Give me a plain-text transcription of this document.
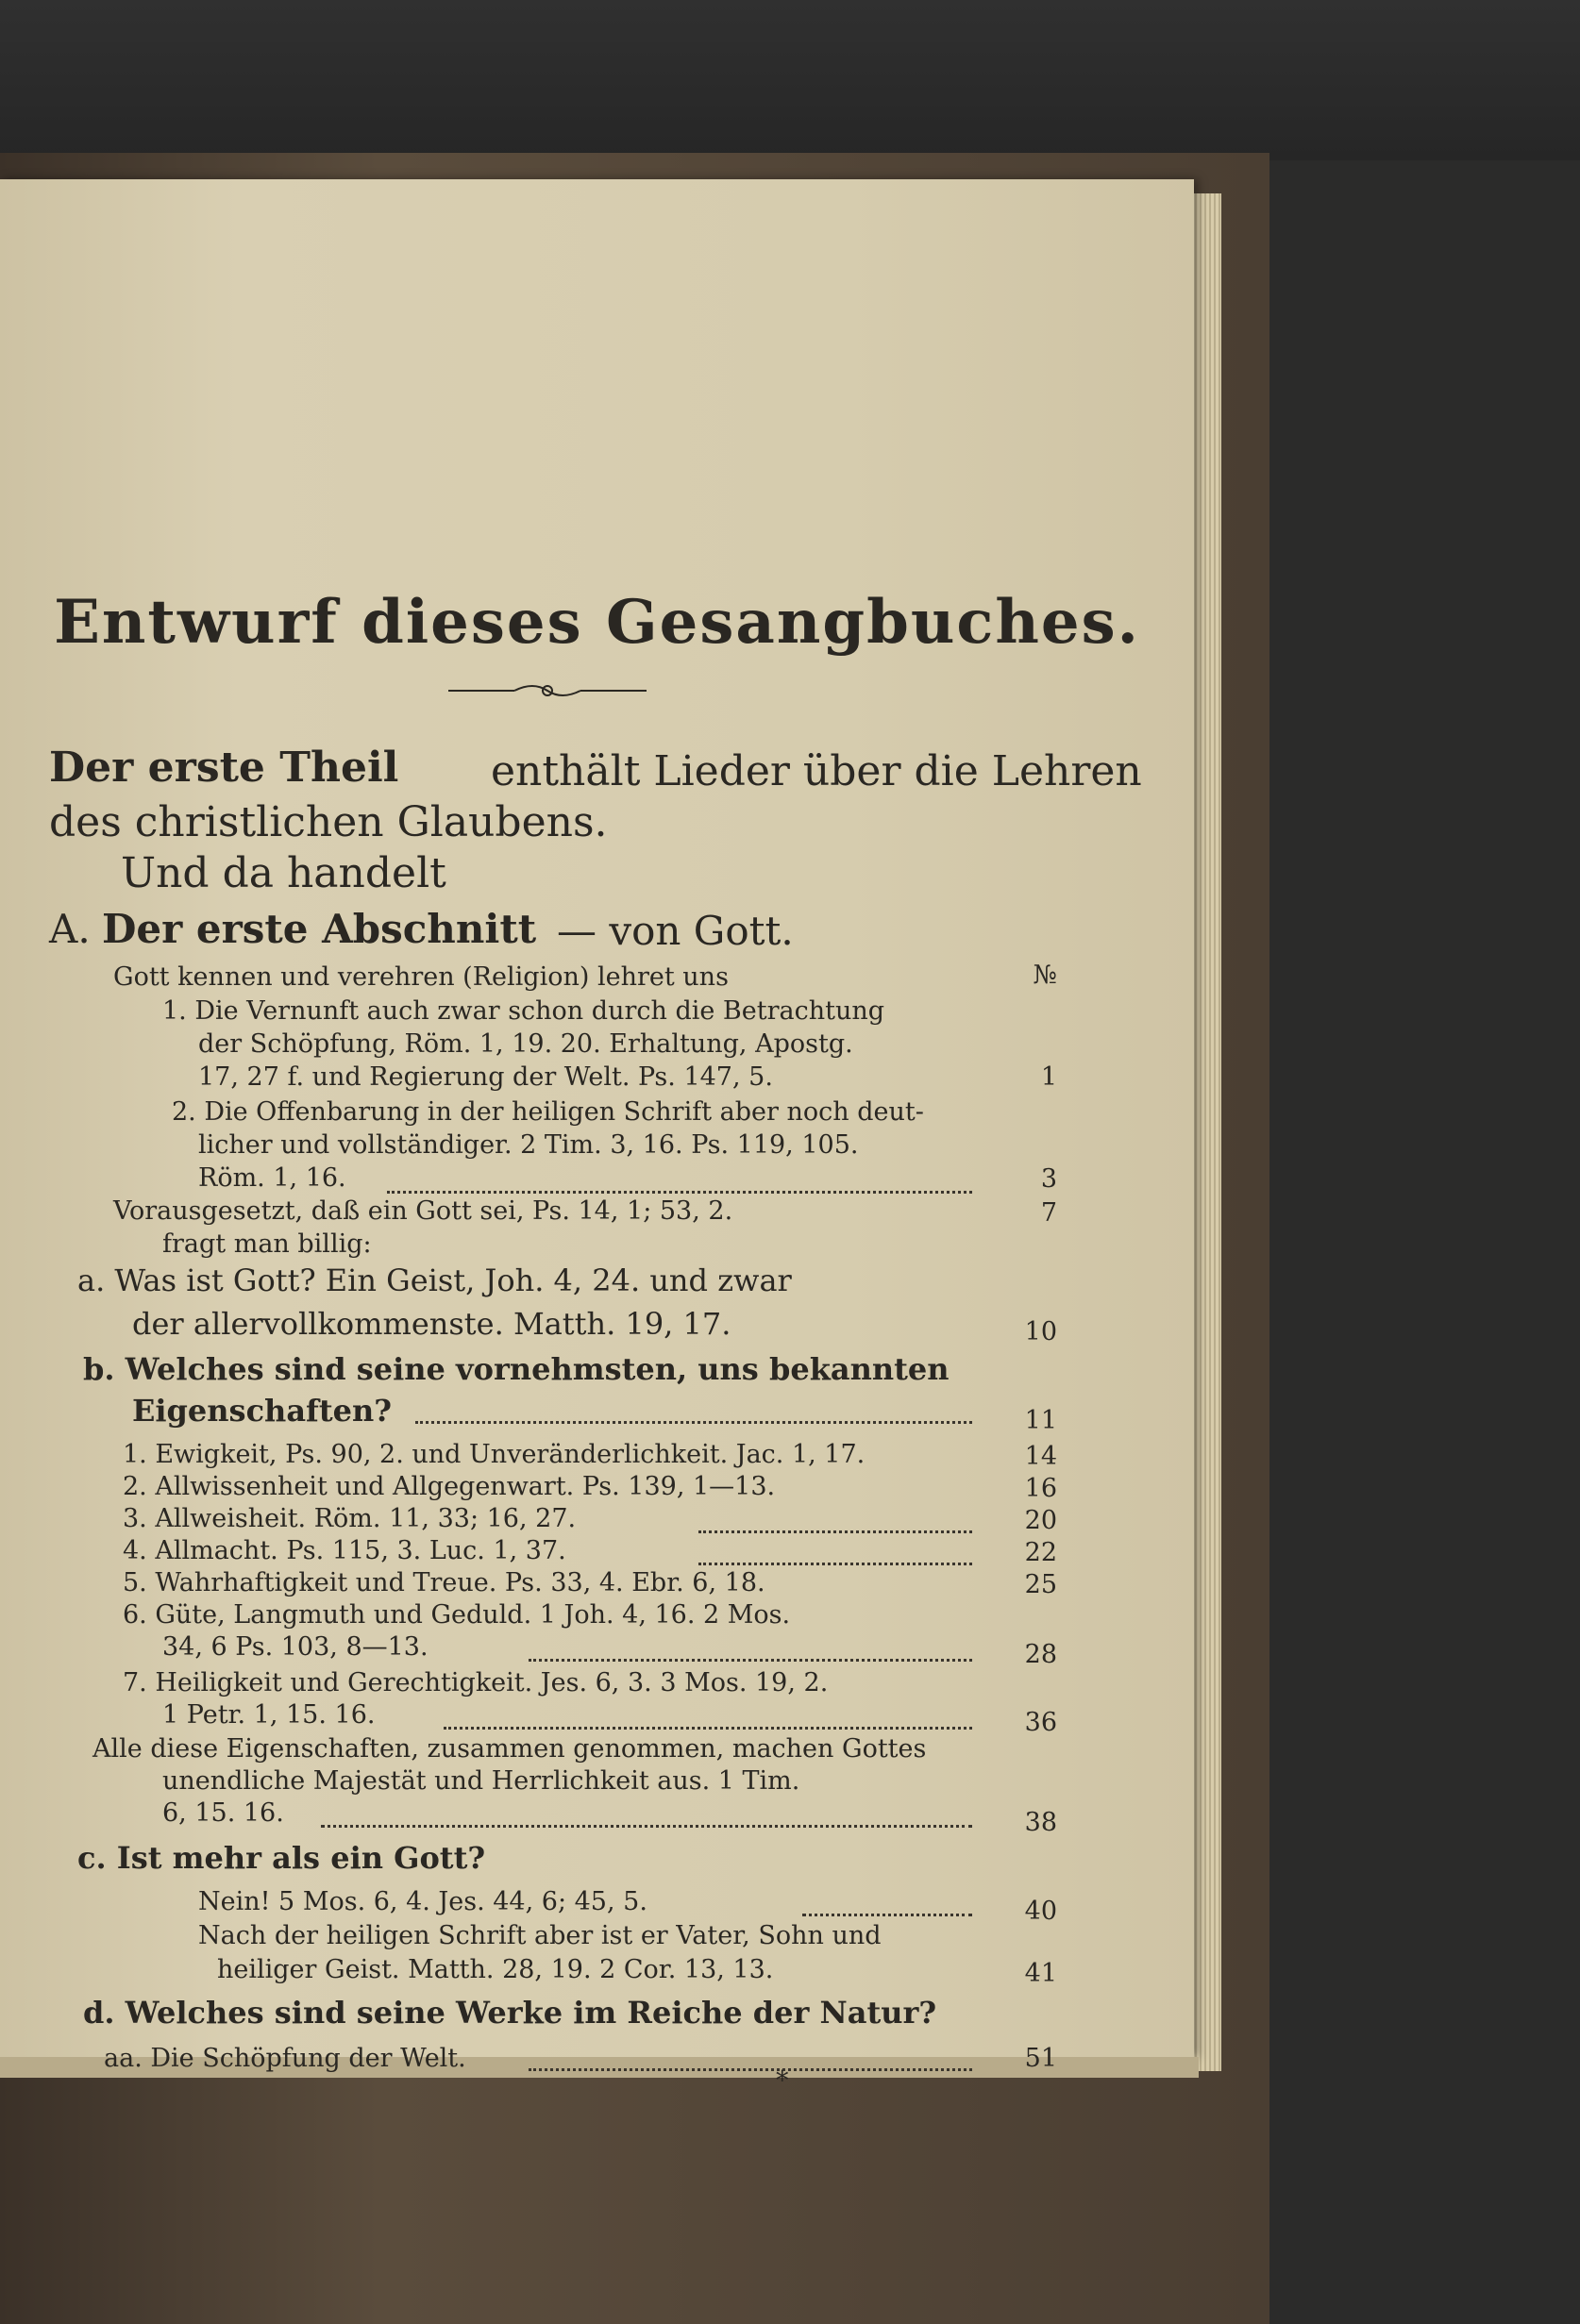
Entwurf dieses Gesangbuches.
Der erste Theil enthält Lieder über die Lehren
des christlichen Glaubens.
Und da handelt
A. Der erste Abschnitt — von Gott.
Gott kennen und verehren (Religion) lehret uns	№
1. Die Vernunft auch zwar schon durch die Betrachtung
der Schöpfung, Röm. 1, 19. 20. Erhaltung, Apostg.
17, 27 f. und Regierung der Welt. Ps. 147, 5.	1
2. Die Offenbarung in der heiligen Schrift aber noch deut-
licher und vollständiger. 2 Tim. 3, 16. Ps. 119, 105.
Röm. 1, 16.	3
Vorausgesetzt, daß ein Gott sei, Ps. 14, 1; 53, 2.	7
fragt man billig:
a. Was ist Gott? Ein Geist, Joh. 4, 24. und zwar
der allervollkommenste. Matth. 19, 17.	10
b. Welches sind seine vornehmsten, uns bekannten
Eigenschaften?	11
1. Ewigkeit, Ps. 90, 2. und Unveränderlichkeit. Jac. 1, 17.	14
2. Allwissenheit und Allgegenwart. Ps. 139, 1—13.	16
3. Allweisheit. Röm. 11, 33; 16, 27.	20
4. Allmacht. Ps. 115, 3. Luc. 1, 37.	22
5. Wahrhaftigkeit und Treue. Ps. 33, 4. Ebr. 6, 18.	25
6. Güte, Langmuth und Geduld. 1 Joh. 4, 16. 2 Mos.
34, 6 Ps. 103, 8—13.	28
7. Heiligkeit und Gerechtigkeit. Jes. 6, 3. 3 Mos. 19, 2.
1 Petr. 1, 15. 16.	36
Alle diese Eigenschaften, zusammen genommen, machen Gottes
unendliche Majestät und Herrlichkeit aus. 1 Tim.
6, 15. 16.	38
c. Ist mehr als ein Gott?
Nein! 5 Mos. 6, 4. Jes. 44, 6; 45, 5.	40
Nach der heiligen Schrift aber ist er Vater, Sohn und
heiliger Geist. Matth. 28, 19. 2 Cor. 13, 13.	41
d. Welches sind seine Werke im Reiche der Natur?
aa. Die Schöpfung der Welt.	51
*
